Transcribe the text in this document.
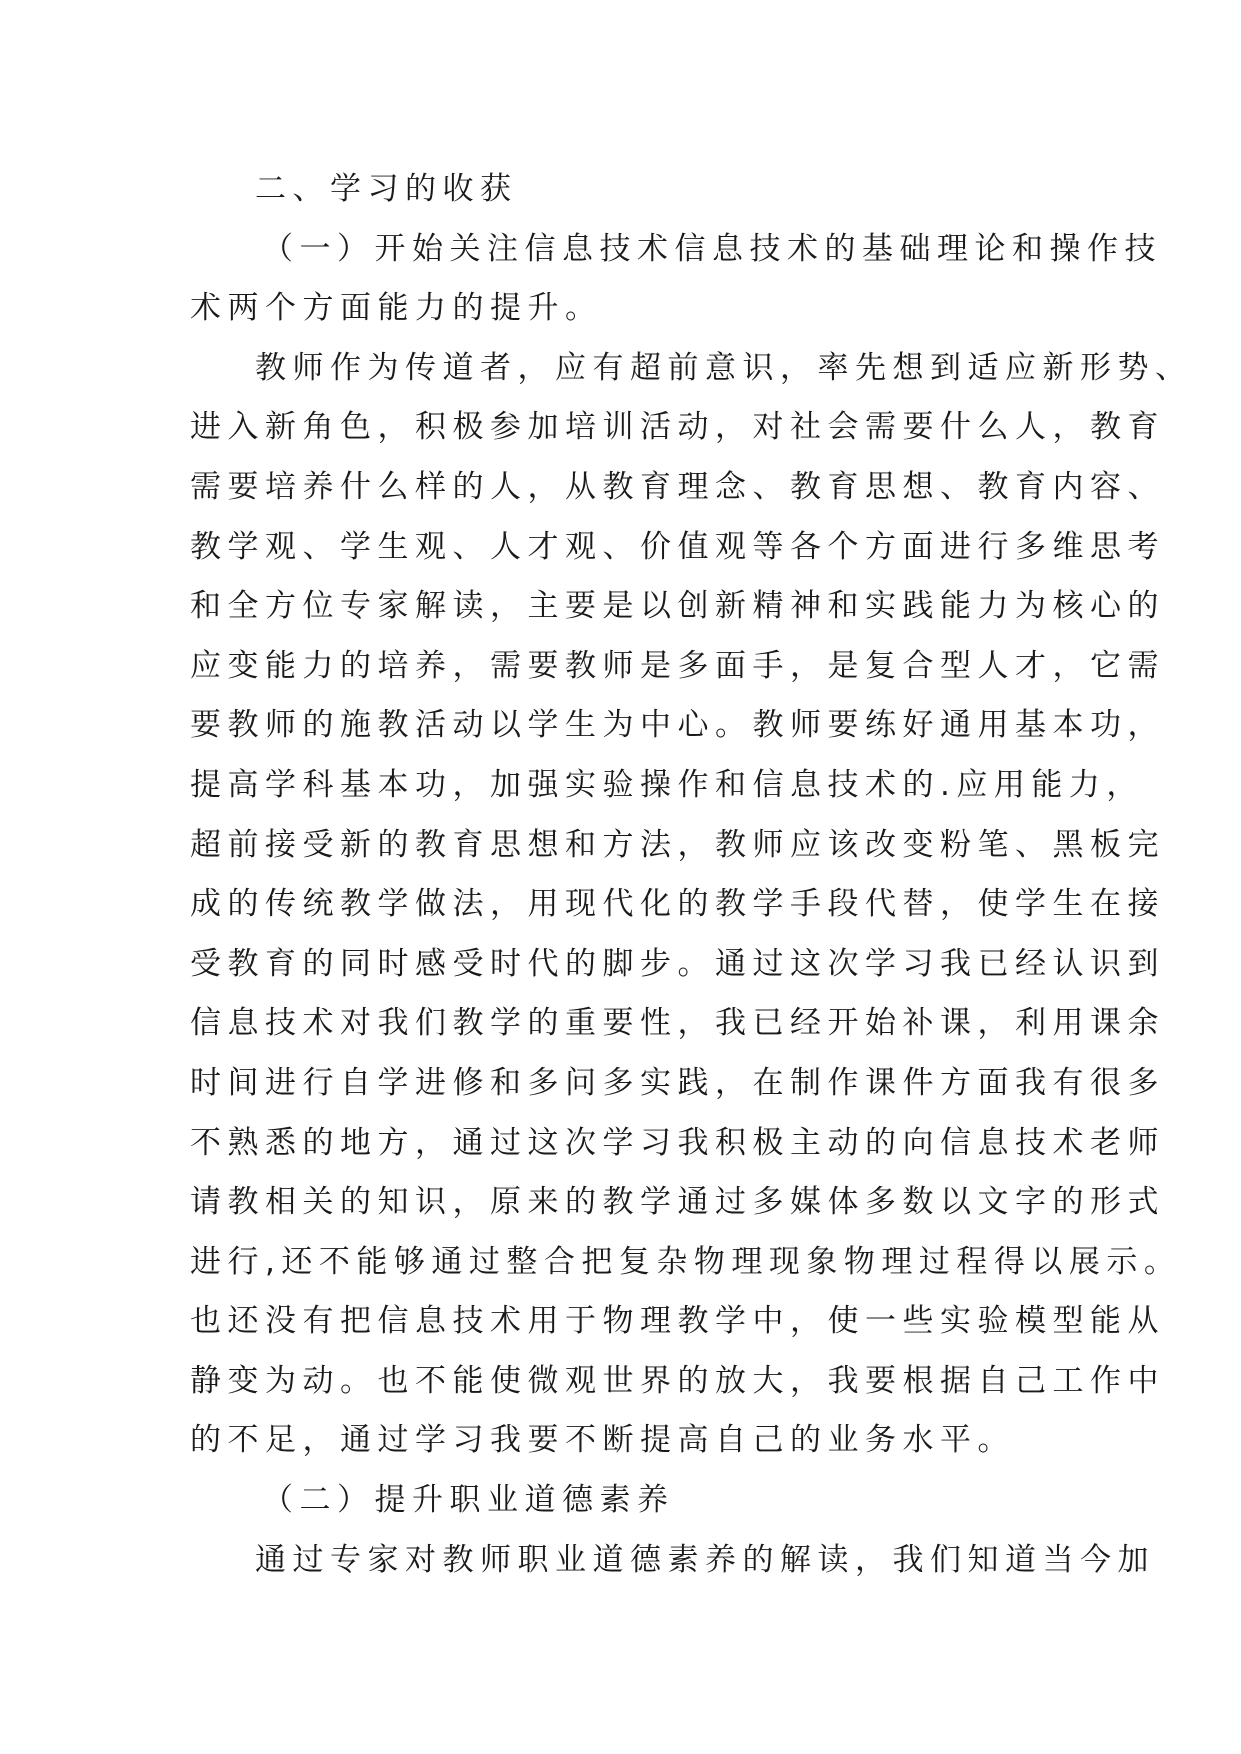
二、学习的收获
（一）开始关注信息技术信息技术的基础理论和操作技
术两个方面能力的提升。
教师作为传道者，应有超前意识，率先想到适应新形势、
进入新角色，积极参加培训活动，对社会需要什么人，教育
需要培养什么样的人，从教育理念、教育思想、教育内容、
教学观、学生观、人才观、价值观等各个方面进行多维思考
和全方位专家解读，主要是以创新精神和实践能力为核心的
应变能力的培养，需要教师是多面手，是复合型人才，它需
要教师的施教活动以学生为中心。教师要练好通用基本功，
提高学科基本功，加强实验操作和信息技术的.应用能力，
超前接受新的教育思想和方法，教师应该改变粉笔、黑板完
成的传统教学做法，用现代化的教学手段代替，使学生在接
受教育的同时感受时代的脚步。通过这次学习我已经认识到
信息技术对我们教学的重要性，我已经开始补课，利用课余
时间进行自学进修和多问多实践，在制作课件方面我有很多
不熟悉的地方，通过这次学习我积极主动的向信息技术老师
请教相关的知识，原来的教学通过多媒体多数以文字的形式
进行,还不能够通过整合把复杂物理现象物理过程得以展示。
也还没有把信息技术用于物理教学中，使一些实验模型能从
静变为动。也不能使微观世界的放大，我要根据自己工作中
的不足，通过学习我要不断提高自己的业务水平。
（二）提升职业道德素养
通过专家对教师职业道德素养的解读，我们知道当今加
